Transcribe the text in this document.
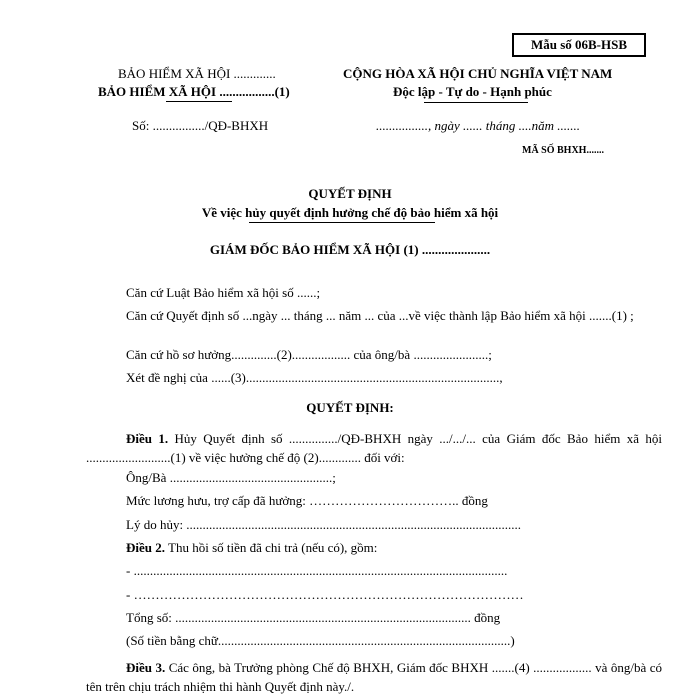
Mẫu số 06B-HSB
BẢO HIỂM XÃ HỘI .............
BẢO HIỂM XÃ HỘI .................(1)
Số: ................/QĐ-BHXH
CỘNG HÒA XÃ HỘI CHỦ NGHĨA VIỆT NAM
Độc lập - Tự do - Hạnh phúc
................, ngày ...... tháng ....năm .......
MÃ SỐ BHXH.......
QUYẾT ĐỊNH
Về việc hủy quyết định hưởng chế độ bảo hiểm xã hội
GIÁM ĐỐC BẢO HIỂM XÃ HỘI (1) .....................
Căn cứ Luật Bảo hiểm xã hội số ......;
Căn cứ Quyết định số ...ngày ... tháng ... năm ... của ...về việc thành lập Bảo hiểm xã hội .......(1) ;
Căn cứ hồ sơ hưởng..............(2).................. của ông/bà .......................;
Xét đề nghị của ......(3)..............................................................................,
QUYẾT ĐỊNH:
Điều 1. Hủy Quyết định số .............../QĐ-BHXH ngày .../.../... của Giám đốc Bảo hiểm xã hội ..........................(1) về việc hưởng chế độ (2)............. đối với:
Ông/Bà ..................................................;
Mức lương hưu, trợ cấp đã hưởng: …………………………….. đồng
Lý do hủy: .......................................................................................................
Điều 2. Thu hồi số tiền đã chi trả (nếu có), gồm:
- ...................................................................................................................
- ………………………………………………………………………………
Tổng số: ........................................................................................... đồng
(Số tiền bằng chữ..........................................................................................)
Điều 3. Các ông, bà Trưởng phòng Chế độ BHXH, Giám đốc BHXH .......(4) .................. và ông/bà có tên trên chịu trách nhiệm thi hành Quyết định này./.
